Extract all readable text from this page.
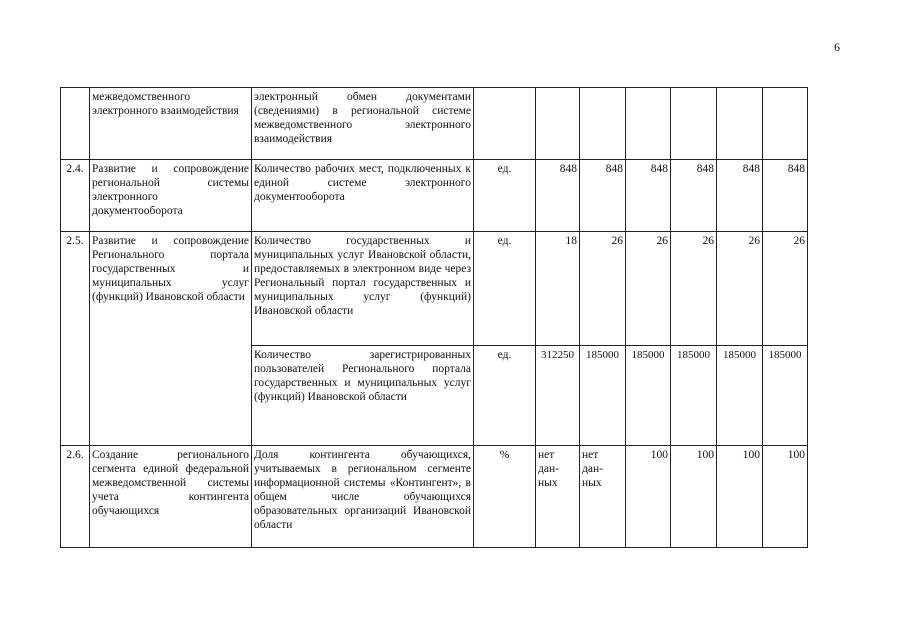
6
	межведомственного электронного взаимодействия	электронный обмен документами (сведениями) в региональной системе межведомственного электронного взаимодействия							
2.4.	Развитие и сопровождение региональной системы электронного документооборота	Количество рабочих мест, подключенных к единой системе электронного документооборота	ед.	848	848	848	848	848	848
2.5.	Развитие и сопровождение Регионального портала государственных и муниципальных услуг (функций) Ивановской области	Количество государственных и муниципальных услуг Ивановской области, предоставляемых в электронном виде через Региональный портал государственных и муниципальных услуг (функций) Ивановской области	ед.	18	26	26	26	26	26
		Количество зарегистрированных пользователей Регионального портала государственных и муниципальных услуг (функций) Ивановской области	ед.	312250	185000	185000	185000	185000	185000
2.6.	Создание регионального сегмента единой федеральной межведомственной системы учета контингента обучающихся	Доля контингента обучающихся, учитываемых в региональном сегменте информационной системы «Контингент», в общем числе обучающихся образовательных организаций Ивановской области	%	нет
дан-
ных	нет
дан-
ных	100	100	100	100
